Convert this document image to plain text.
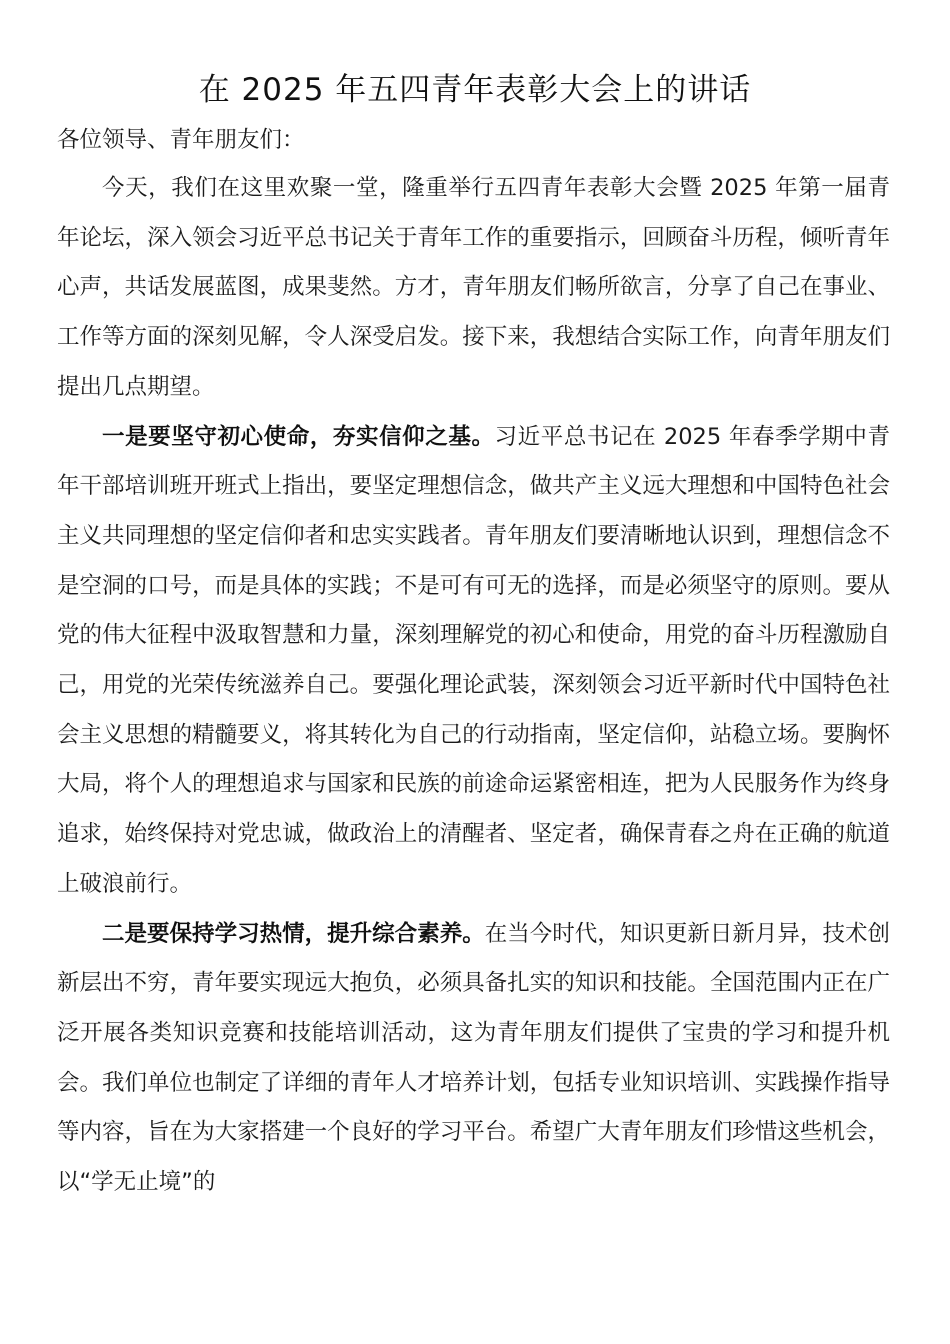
在 2025 年五四青年表彰大会上的讲话
各位领导、青年朋友们：

今天，我们在这里欢聚一堂，隆重举行五四青年表彰大会暨 2025 年第一届青年论坛，深入领会习近平总书记关于青年工作的重要指示，回顾奋斗历程，倾听青年心声，共话发展蓝图，成果斐然。方才，青年朋友们畅所欲言，分享了自己在事业、工作等方面的深刻见解，令人深受启发。接下来，我想结合实际工作，向青年朋友们提出几点期望。

一是要坚守初心使命，夯实信仰之基。习近平总书记在 2025 年春季学期中青年干部培训班开班式上指出，要坚定理想信念，做共产主义远大理想和中国特色社会主义共同理想的坚定信仰者和忠实实践者。青年朋友们要清晰地认识到，理想信念不是空洞的口号，而是具体的实践；不是可有可无的选择，而是必须坚守的原则。要从党的伟大征程中汲取智慧和力量，深刻理解党的初心和使命，用党的奋斗历程激励自己，用党的光荣传统滋养自己。要强化理论武装，深刻领会习近平新时代中国特色社会主义思想的精髓要义，将其转化为自己的行动指南，坚定信仰，站稳立场。要胸怀大局，将个人的理想追求与国家和民族的前途命运紧密相连，把为人民服务作为终身追求，始终保持对党忠诚，做政治上的清醒者、坚定者，确保青春之舟在正确的航道上破浪前行。

二是要保持学习热情，提升综合素养。在当今时代，知识更新日新月异，技术创新层出不穷，青年要实现远大抱负，必须具备扎实的知识和技能。全国范围内正在广泛开展各类知识竞赛和技能培训活动，这为青年朋友们提供了宝贵的学习和提升机会。我们单位也制定了详细的青年人才培养计划，包括专业知识培训、实践操作指导等内容，旨在为大家搭建一个良好的学习平台。希望广大青年朋友们珍惜这些机会，以“学无止境”的
